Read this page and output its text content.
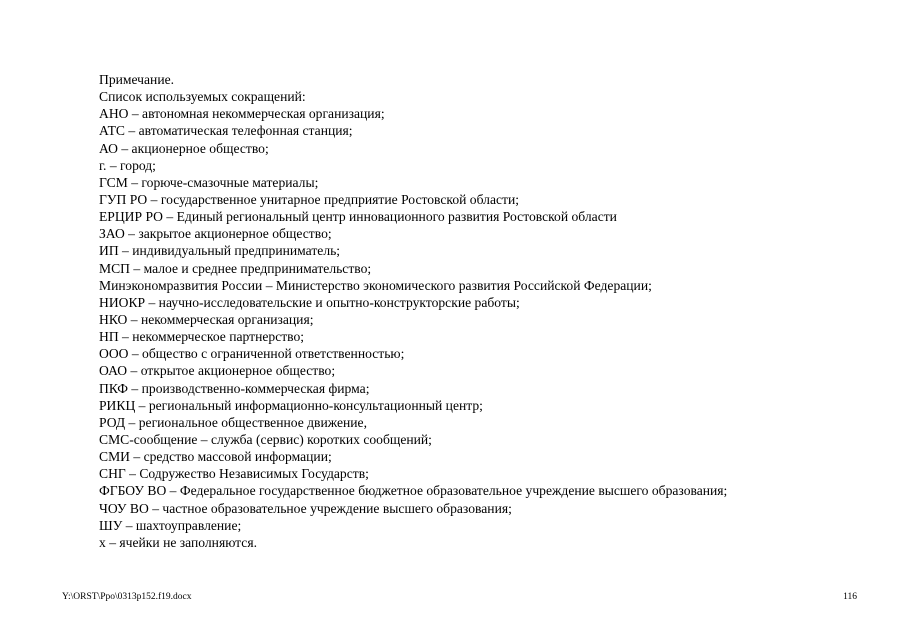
Примечание.
Список используемых сокращений:
АНО – автономная некоммерческая организация;
АТС – автоматическая телефонная станция;
АО – акционерное общество;
г. – город;
ГСМ – горюче-смазочные материалы;
ГУП РО – государственное унитарное предприятие Ростовской области;
ЕРЦИР РО – Единый региональный центр инновационного развития Ростовской области
ЗАО – закрытое акционерное общество;
ИП – индивидуальный предприниматель;
МСП – малое и среднее предпринимательство;
Минэкономразвития России – Министерство экономического развития Российской Федерации;
НИОКР – научно-исследовательские и опытно-конструкторские работы;
НКО – некоммерческая организация;
НП – некоммерческое партнерство;
ООО – общество с ограниченной ответственностью;
ОАО – открытое акционерное общество;
ПКФ – производственно-коммерческая фирма;
РИКЦ – региональный информационно-консультационный центр;
РОД – региональное общественное движение,
СМС-сообщение – служба (сервис) коротких сообщений;
СМИ – средство массовой информации;
СНГ – Содружество Независимых Государств;
ФГБОУ ВО – Федеральное государственное бюджетное образовательное учреждение высшего образования;
ЧОУ ВО – частное образовательное учреждение высшего образования;
ШУ – шахтоуправление;
х – ячейки не заполняются.
Y:\ORST\Ppo\0313p152.f19.docx	116
